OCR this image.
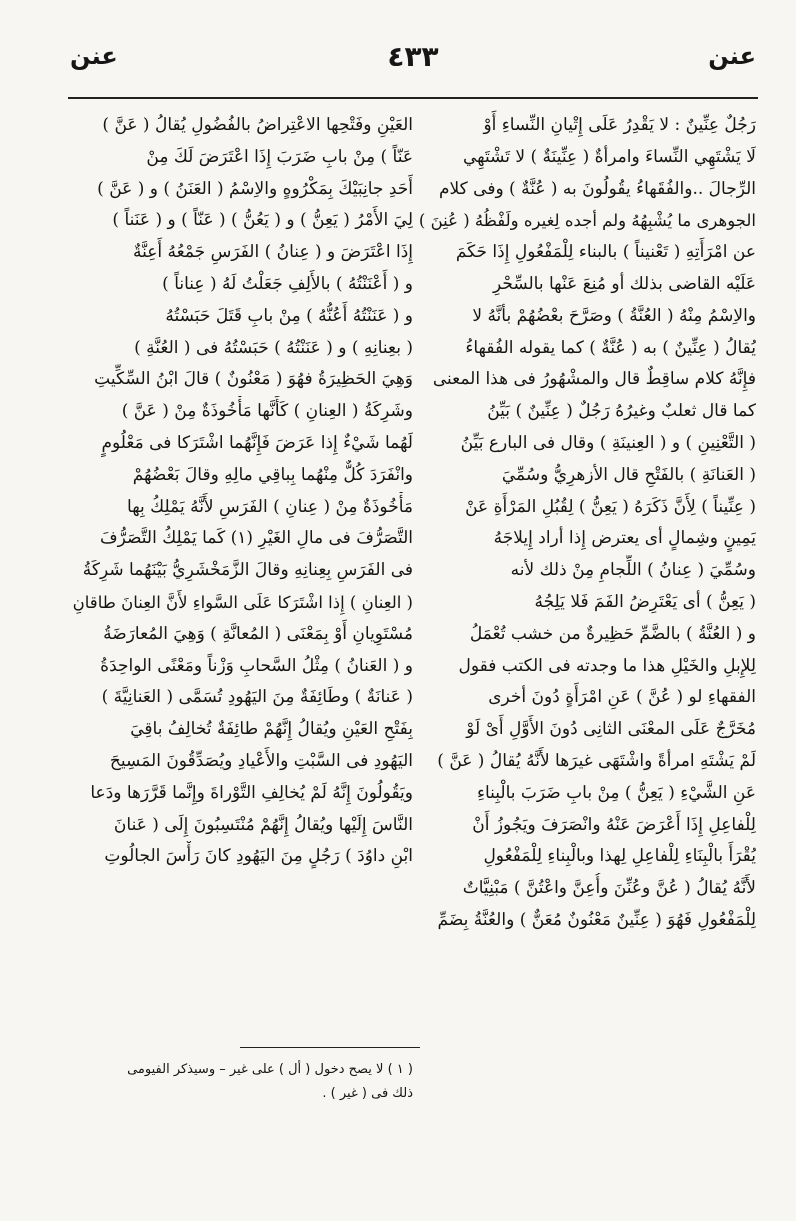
عنن
٤٣٣
عنن
رَجُلٌ عِنِّينٌ : لا يَقْدِرُ عَلَى إِتْيانِ النِّساءِ أَوْ
لَا يَشْتَهِي النِّساءَ وامرأةٌ ( عِنِّينَةٌ ) لا تَشْتَهِي
الرِّجالَ ..والفُقَهاءُ يقُولُونَ به ( عُنَّةٌ ) وفى كلام
الجوهرى ما يُشْبِهُهُ ولم أجده لِغيره ولَفْظُهُ ( عُنِنَ )
عن امْرَأَتِهِ ( تَعْنيناً ) بالبناء لِلْمَفْعُولِ إِذَا حَكَمَ
عَلَيْه القاضى بذلك أو مُنِعَ عَنْها بالسِّحْرِ
والاِسْمُ مِنْهُ ( العُنَّةُ ) وصَرَّحَ بعْضُهُمْ بأنَّهُ لا
يُقالُ ( عِنِّينٌ ) به ( عُنَّةٌ ) كما يقوله الفُقهاءُ
فإِنَّهُ كلام ساقِطٌ قال والمشْهُورُ فى هذا المعنى
كما قال ثعلبٌ وغيرُهُ رَجُلٌ ( عِنِّينٌ ) بَيِّنُ
( التَّعْنِينِ ) و ( العِنينَةِ ) وقال فى البارع بَيِّنُ
( العَنانَةِ ) بالفَتْحِ قال الأزهرِيُّ وسُمِّيَ
( عِنِّيناً ) لِأَنَّ ذَكَرَهُ ( يَعِنُّ ) لِقُبُلِ المَرْأَةِ عَنْ
يَمِينٍ وشِمالٍ أى يعترض إِذا أراد إِيلاجَهُ
وسُمِّيَ ( عِنانُ ) اللِّجامِ مِنْ ذلك لأنه
( يَعِنُّ ) أى يَعْتَرِضُ الفَمَ فَلا يَلِجُهُ
و ( العُنَّةُ ) بالضَّمِّ حَظِيرةٌ من خشب تُعْمَلُ
لِلإِبلِ والخَيْلِ هذا ما وجدته فى الكتب فقول
الفقهاءِ لو ( عُنَّ ) عَنِ امْرَأَةٍ دُونَ أخرى
مُخَرَّجٌ عَلَى المعْنَى الثانِى دُونَ الأَوَّلِ أَىْ لَوْ
لَمْ يَشْتَهِ امرأةً واشْتَهَى غيرَها لأَنَّهُ يُقالُ ( عَنَّ )
عَنِ الشَّيْءِ ( يَعِنُّ ) مِنْ بابِ ضَرَبَ بالْبِناءِ
لِلْفاعِلِ إِذَا أَعْرَضَ عَنْهُ وانْصَرَفَ ويَجُوزُ أَنْ
يُقْرَأَ بالْبِنَاءِ لِلْفاعِلِ لِهذا وبالْبِناءِ لِلْمَفْعُولِ
لأَنَّهُ يُقالُ ( عُنَّ وعُنِّنَ وأُعِنَّ واعْتُنَّ ) مَبْنِيَّاتٌ
لِلْمَفْعُولِ فَهُوَ ( عِنِّينٌ مَعْنُونٌ مُعَنٌّ ) والعُنَّةُ بِضَمِّ
العَيْنِ وفَتْحِها الاعْتِراضُ بالفُضُولِ يُقالُ ( عَنَّ )
عَنّاً ) مِنْ بابِ ضَرَبَ إِذَا اعْتَرَضَ لَكَ مِنْ
أَحَدِ جانِبَيْكَ بِمَكْرُوهٍ والاِسْمُ ( العَنَنُ ) و ( عَنَّ )
لِيَ الأَمْرُ ( يَعِنُّ ) و ( يَعُنُّ ) ( عَنّاً ) و ( عَنَناً )
إِذَا اعْتَرَضَ و ( عِنانُ ) الفَرَسِ جَمْعُهُ أَعِنَّةٌ
و ( أَعْنَنْتُهُ ) بالأَلِفِ جَعَلْتُ لَهُ ( عِناناً )
و ( عَنَنْتُهُ أَعُنُّهُ ) مِنْ بابِ قَتَلَ حَبَسْتُهُ
( بعِنانِهِ ) و ( عَنَنْتُهُ ) حَبَسْتُهُ فى ( العُنَّةِ )
وَهِيَ الحَظِيرَةُ فهُوَ ( مَعْنُونٌ ) قالَ ابْنُ السِّكِّيتِ
وشَرِكَةُ ( العِنانِ ) كَأَنَّها مَأْخُوذَةٌ مِنْ ( عَنَّ )
لَهُما شَيْءٌ إِذا عَرَضَ فَإِنَّهُما اشْتَرَكا فى مَعْلُومٍ
وانْفَرَدَ كُلٌّ مِنْهُما بِباقِي مالِهِ وقالَ بَعْضُهُمْ
مَأْخُوذَةٌ مِنْ ( عِنانِ ) الفَرَسِ لأَنَّهُ يَمْلِكُ بِها
التَّصَرُّفَ فى مالِ الغَيْرِ (١) كَما يَمْلِكُ التَّصَرُّفَ
فى الفَرَسِ بِعِنانِهِ وقالَ الزَّمَخْشَرِيُّ بَيْنَهُما شَرِكَةُ
( العِنانِ ) إِذا اشْتَرَكا عَلَى السَّواءِ لأَنَّ العِنانَ طاقانِ
مُسْتَوِيانِ أَوْ بِمَعْنَى ( المُعانَّةِ ) وَهِيَ المُعارَضَةُ
و ( العَنانُ ) مِثْلُ السَّحابِ وَزْناً ومَعْنًى الواحِدَةُ
( عَنانَةٌ ) وطَائِفَةٌ مِنَ اليَهُودِ تُسَمَّى ( العَنانِيَّةَ )
بِفَتْحِ العَيْنِ ويُقالُ إِنَّهُمْ طائِفَةٌ تُخالِفُ باقِيَ
اليَهُودِ فى السَّبْتِ والأَعْيادِ ويُصَدِّقُونَ المَسِيحَ
ويَقُولُونَ إِنَّهُ لَمْ يُخالِفِ التَّوْراةَ وإِنَّما قَرَّرَها ودَعا
النَّاسَ إِلَيْها ويُقالُ إِنَّهُمْ مُنْتَسِبُونَ إِلَى ( عَنانَ
ابْنِ داوُدَ ) رَجُلٍ مِنَ اليَهُودِ كانَ رَأْسَ الجالُوتِ
( ١ ) لا يصح دخول ( أل ) على غير – وسيذكر الفيومى
ذلك فى ( غير ) .
